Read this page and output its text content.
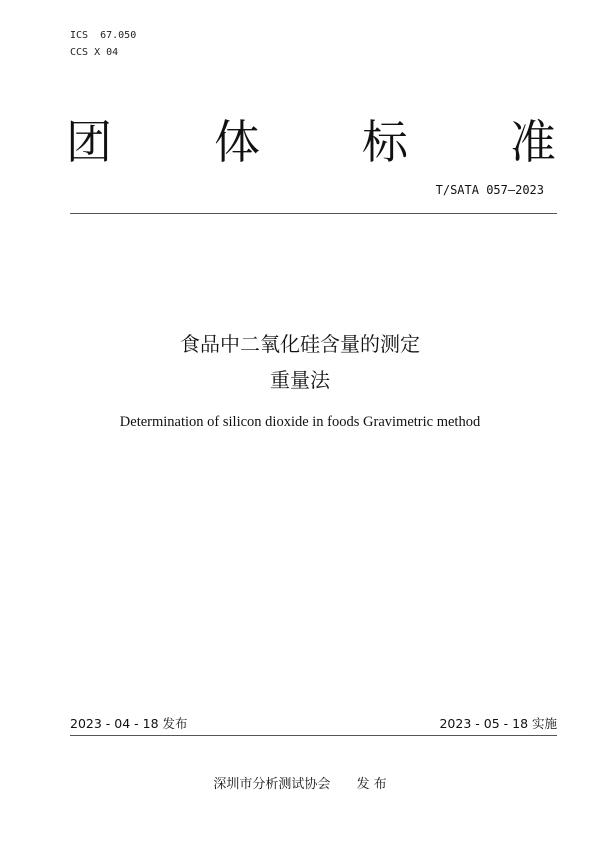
ICS  67.050
CCS X 04
团 体 标 准
T/SATA 057—2023
食品中二氧化硅含量的测定
重量法
Determination of silicon dioxide in foods Gravimetric method
2023 - 04 - 18 发布	2023 - 05 - 18 实施
深圳市分析测试协会 发 布
